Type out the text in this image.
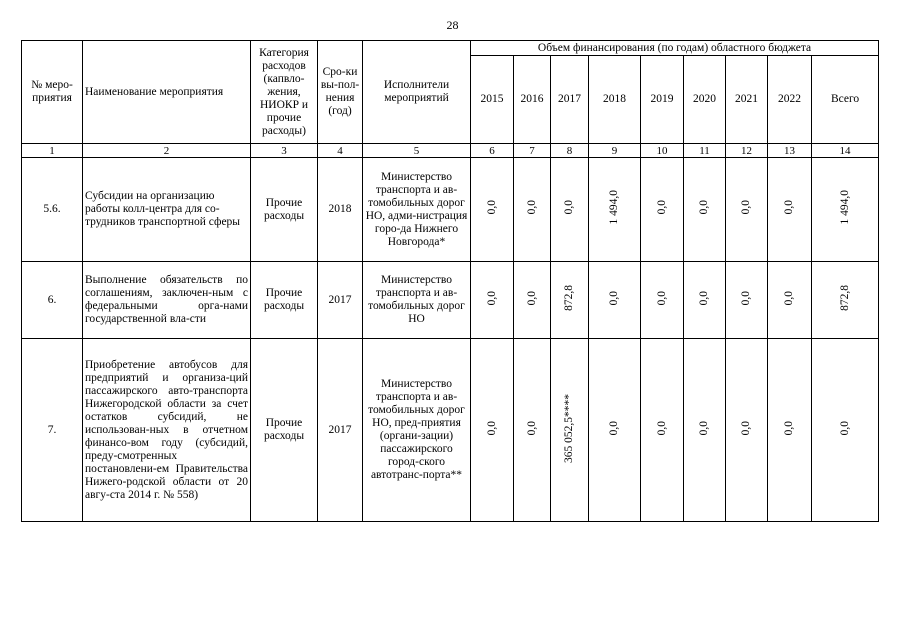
28
№ меро-приятия	Наименование мероприятия	Категория расходов (капвло-жения, НИОКР и прочие расходы)	Сро-ки вы-пол-нения (год)	Исполнители мероприятий	Объем финансирования (по годам) областного бюджета								
					2015	2016	2017	2018	2019	2020	2021	2022	Всего
1	2	3	4	5	6	7	8	9	10	11	12	13	14
5.6.	Субсидии на организацию работы колл-центра для со-трудников транспортной сферы	Прочие расходы	2018	Министерство транспорта и ав-томобильных дорог НО, адми-нистрация горо-да Нижнего Новгорода*	0,0	0,0	0,0	1 494,0	0,0	0,0	0,0	0,0	1 494,0
6.	Выполнение обязательств по соглашениям, заключен-ным с федеральными орга-нами государственной вла-сти	Прочие расходы	2017	Министерство транспорта и ав-томобильных дорог НО	0,0	0,0	872,8	0,0	0,0	0,0	0,0	0,0	872,8
7.	Приобретение автобусов для предприятий и организа-ций пассажирского авто-транспорта Нижегородской области за счет остатков субсидий, не использован-ных в отчетном финансо-вом году (субсидий, преду-смотренных постановлени-ем Правительства Нижего-родской области от 20 авгу-ста 2014 г. № 558)	Прочие расходы	2017	Министерство транспорта и ав-томобильных дорог НО, пред-приятия (органи-зации) пассажирского город-ского автотранс-порта**	0,0	0,0	365 052,5****	0,0	0,0	0,0	0,0	0,0	0,0
